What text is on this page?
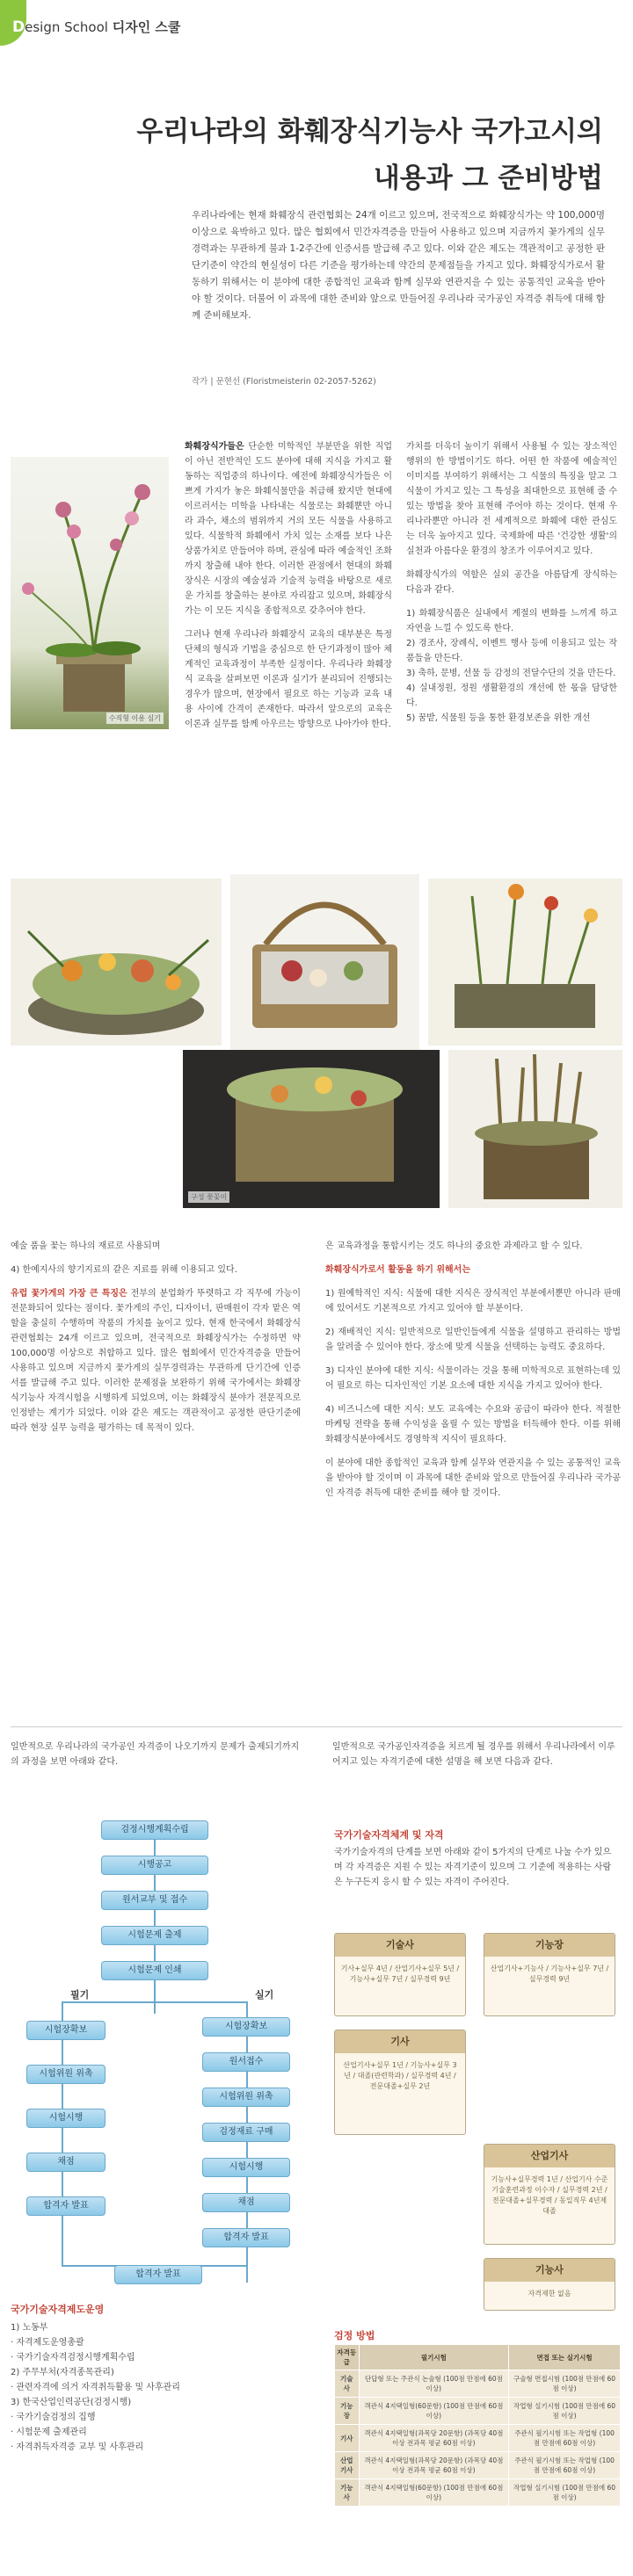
Design School 디자인 스쿨
우리나라의 화훼장식기능사 국가고시의
내용과 그 준비방법
우리나라에는 현재 화훼장식 관련협회는 24개 이르고 있으며, 전국적으로 화훼장식가는 약 100,000명 이상으로 육박하고 있다. 많은 협회에서 민간자격증을 만들어 사용하고 있으며 지금까지 꽃가게의 실무경력과는 무관하게 불과 1-2주간에 인증서를 발급해 주고 있다. 이와 같은 제도는 객관적이고 공정한 판단기준이 약간의 현실성이 다른 기준을 평가하는데 약간의 문제점들을 가지고 있다. 화훼장식가로서 활동하기 위해서는 이 분야에 대한 종합적인 교육과 함께 실무와 연관지을 수 있는 공통적인 교육을 받아야 할 것이다. 더불어 이 과목에 대한 준비와 앞으로 만들어질 우리나라 국가공인 자격증 취득에 대해 함께 준비해보자.
작가 | 문현선 (Floristmeisterin 02-2057-5262)
수직형 이용 심기

화훼장식가들은 단순한 미학적인 부분만을 위한 직업이 아닌 전반적인 도드 분야에 대해 지식을 가지고 활동하는 직업중의 하나이다. 예전에 화훼장식가들은 이쁘게 가지가 놓은 화훼식물만을 취급해 왔지만 현대에 이르러서는 미학을 나타내는 식물로는 화훼뿐만 아니라 과수, 채소의 범위까지 거의 모든 식물을 사용하고 있다. 식물학적 화훼에서 가치 있는 소재를 보다 나은 상품가치로 만들어야 하며, 관심에 따라 예술적인 조화까지 창출해 내야 한다. 이러한 관점에서 현대의 화훼장식은 시장의 예술성과 기술적 능력을 바탕으로 새로운 가치를 창출하는 분야로 자리잡고 있으며, 화훼장식가는 이 모든 지식을 종합적으로 갖추어야 한다.

그러나 현재 우리나라 화훼장식 교육의 대부분은 특정 단체의 형식과 기법을 중심으로 한 단기과정이 많아 체계적인 교육과정이 부족한 실정이다. 우리나라 화훼장식 교육을 살펴보면 이론과 실기가 분리되어 진행되는 경우가 많으며, 현장에서 필요로 하는 기능과 교육 내용 사이에 간격이 존재한다. 따라서 앞으로의 교육은 이론과 실무를 함께 아우르는 방향으로 나아가야 한다.

가치를 더욱더 높이기 위해서 사용될 수 있는 장소적인 행위의 한 방법이기도 하다. 어떤 한 작품에 예술적인 이미지를 부여하기 위해서는 그 식물의 특징을 알고 그 식물이 가지고 있는 그 특성을 최대한으로 표현해 줄 수 있는 방법을 찾아 표현해 주어야 하는 것이다. 현재 우리나라뿐만 아니라 전 세계적으로 화훼에 대한 관심도는 더욱 높아지고 있다. 국제화에 따른 '건강한 생활'의 실천과 아름다운 환경의 창조가 이루어지고 있다.

화훼장식가의 역할은 실외 공간을 아름답게 장식하는 다음과 같다.

1) 화훼장식품은 실내에서 계절의 변화를 느끼게 하고 자연을 느낄 수 있도록 한다.
2) 경조사, 장례식, 이벤트 행사 등에 이용되고 있는 작품들을 만든다.
3) 축하, 문병, 선물 등 감정의 전달수단의 것을 만든다.
4) 실내정원, 정원 생활환경의 개선에 한 몫을 담당한다.
5) 꿈밭, 식물원 등을 통한 환경보존을 위한 개선
구성 꽃꽂이

예술 품을 꽃는 하나의 재료로 사용되며

4) 한예지사의 향기지료의 같은 지료를 위해 이용되고 있다.

유럽 꽃가게의 가장 큰 특징은 전부의 분업화가 뚜렷하고 각 직무에 가능이 전문화되어 있다는 점이다. 꽃가게의 주인, 디자이너, 판매원이 각자 맡은 역할을 충실히 수행하며 작품의 가치를 높이고 있다. 현재 한국에서 화훼장식 관련협회는 24개 이르고 있으며, 전국적으로 화훼장식가는 수정하면 약 100,000명 이상으로 취합하고 있다. 많은 협회에서 민간자격증을 만들어 사용하고 있으며 지금까지 꽃가게의 실무경력과는 무관하게 단기간에 인증서를 발급해 주고 있다. 이러한 문제점을 보완하기 위해 국가에서는 화훼장식기능사 자격시험을 시행하게 되었으며, 이는 화훼장식 분야가 전문직으로 인정받는 계기가 되었다. 이와 같은 제도는 객관적이고 공정한 판단기준에 따라 현장 실무 능력을 평가하는 데 목적이 있다.

은 교육과정을 통합시키는 것도 하나의 중요한 과제라고 할 수 있다.

화훼장식가로서 활동을 하기 위해서는

1) 원예학적인 지식: 식물에 대한 지식은 장식적인 부분에서뿐만 아니라 판매에 있어서도 기본적으로 가지고 있어야 할 부분이다.

2) 재배적인 지식: 일반적으로 일반인들에게 식물을 설명하고 관리하는 방법을 알려줄 수 있어야 한다. 장소에 맞게 식물을 선택하는 능력도 중요하다.

3) 디자인 분야에 대한 지식: 식물이라는 것을 통해 미학적으로 표현하는데 있어 필요로 하는 디자인적인 기본 요소에 대한 지식을 가지고 있어야 한다.

4) 비즈니스에 대한 지식: 보도 교육에는 수요와 공급이 따라야 한다. 적절한 마케팅 전략을 통해 수익성을 올릴 수 있는 방법을 터득해야 한다. 이를 위해 화훼장식분야에서도 경영학적 지식이 필요하다.

이 분야에 대한 종합적인 교육과 함께 실무와 연관지을 수 있는 공통적인 교육을 받아야 할 것이며 이 과목에 대한 준비와 앞으로 만들어질 우리나라 국가공인 자격증 취득에 대한 준비를 해야 할 것이다.

일반적으로 우리나라의 국가공인 자격증이 나오기까지 문제가 출제되기까지의 과정을 보면 아래와 같다.
일반적으로 국가공인자격증을 치르게 될 경우를 위해서 우리나라에서 이루어지고 있는 자격기준에 대한 설명을 해 보면 다음과 같다.
검정시행계획수립
시행공고
원서교부 및 접수
시험문제 출제
시험문제 인쇄
필기	실기
시험장확보
시험위원 위촉
시험시행
채점
합격자 발표
시험장확보
원서접수
시험위원 위촉
검정재료 구매
시험시행
채점
합격자 발표
합격자 발표
국가기술자격제도운영
1) 노동부
· 자격제도운영총괄
· 국가기술자격검정시행계획수립
2) 주무부처(자격종목관리)
· 관련자격에 의거 자격취득활용 및 사후관리
3) 한국산업인력공단(검정시행)
· 국가기술검정의 집행
· 시험문제 출제관리
· 자격취득자격증 교부 및 사후관리
국가기술자격체계 및 자격
국가기술자격의 단계를 보면 아래와 같이 5가지의 단계로 나눌 수가 있으며 각 자격증은 지원 수 있는 자격기준이 있으며 그 기준에 적용하는 사람은 누구든지 응시 할 수 있는 자격이 주어진다.
기술사
기사+실무 4년 / 산업기사+실무 5년 / 기능사+실무 7년 / 실무경력 9년
기능장
산업기사+기능사 / 기능사+실무 7년 / 실무경력 9년
기사
산업기사+실무 1년 / 기능사+실무 3년 / 대졸(관련학과) / 실무경력 4년 / 전문대졸+실무 2년
산업기사
기능사+실무경력 1년 / 산업기사 수준 기술훈련과정 이수자 / 실무경력 2년 / 전문대졸+실무경력 / 동일직무 4년제 대졸
기능사
자격제한 없음
검정 방법
자격등급	필기시험	면접 또는 실기시험
기술사	단답형 또는 주관식 논술형 (100점 만점에 60점 이상)	구술형 면접시험 (100점 만점에 60점 이상)
기능장	객관식 4지택일형(60문항) (100점 만점에 60점 이상)	작업형 실기시험 (100점 만점에 60점 이상)
기사	객관식 4지택일형(과목당 20문항) (과목당 40점 이상 전과목 평균 60점 이상)	주관식 필기시험 또는 작업형 (100점 만점에 60점 이상)
산업기사	객관식 4지택일형(과목당 20문항) (과목당 40점 이상 전과목 평균 60점 이상)	주관식 필기시험 또는 작업형 (100점 만점에 60점 이상)
기능사	객관식 4지택일형(60문항) (100점 만점에 60점 이상)	작업형 실기시험 (100점 만점에 60점 이상)
